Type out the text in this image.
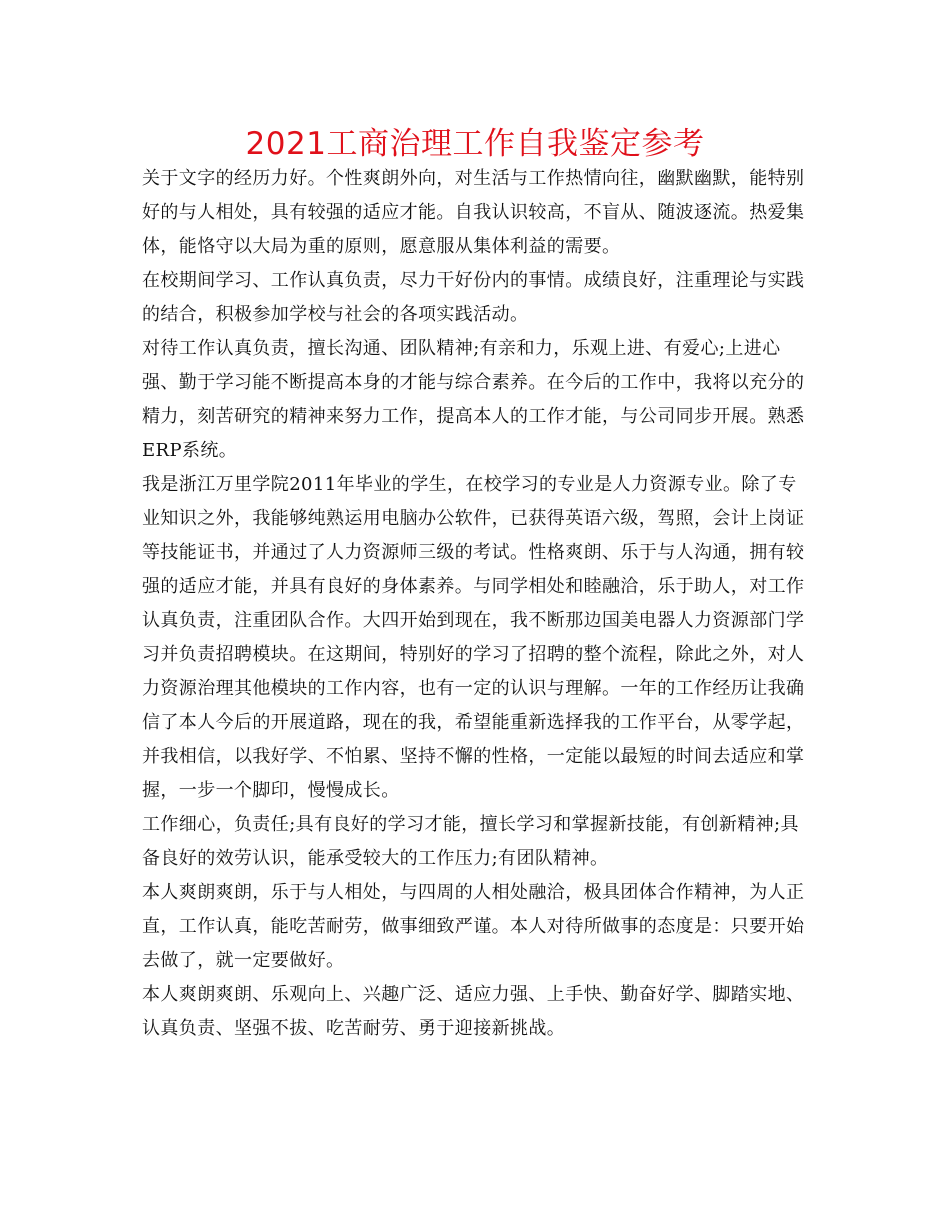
2021工商治理工作自我鉴定参考

关于文字的经历力好。个性爽朗外向，对生活与工作热情向往，幽默幽默，能特别好的与人相处，具有较强的适应才能。自我认识较高，不盲从、随波逐流。热爱集体，能恪守以大局为重的原则，愿意服从集体利益的需要。

在校期间学习、工作认真负责，尽力干好份内的事情。成绩良好，注重理论与实践的结合，积极参加学校与社会的各项实践活动。

对待工作认真负责，擅长沟通、团队精神;有亲和力，乐观上进、有爱心;上进心强、勤于学习能不断提高本身的才能与综合素养。在今后的工作中，我将以充分的精力，刻苦研究的精神来努力工作，提高本人的工作才能，与公司同步开展。熟悉ERP系统。

我是浙江万里学院2011年毕业的学生，在校学习的专业是人力资源专业。除了专业知识之外，我能够纯熟运用电脑办公软件，已获得英语六级，驾照，会计上岗证等技能证书，并通过了人力资源师三级的考试。性格爽朗、乐于与人沟通，拥有较强的适应才能，并具有良好的身体素养。与同学相处和睦融洽，乐于助人，对工作认真负责，注重团队合作。大四开始到现在，我不断那边国美电器人力资源部门学习并负责招聘模块。在这期间，特别好的学习了招聘的整个流程，除此之外，对人力资源治理其他模块的工作内容，也有一定的认识与理解。一年的工作经历让我确信了本人今后的开展道路，现在的我，希望能重新选择我的工作平台，从零学起，并我相信，以我好学、不怕累、坚持不懈的性格，一定能以最短的时间去适应和掌握，一步一个脚印，慢慢成长。

工作细心，负责任;具有良好的学习才能，擅长学习和掌握新技能，有创新精神;具备良好的效劳认识，能承受较大的工作压力;有团队精神。

本人爽朗爽朗，乐于与人相处，与四周的人相处融洽，极具团体合作精神，为人正直，工作认真，能吃苦耐劳，做事细致严谨。本人对待所做事的态度是：只要开始去做了，就一定要做好。

本人爽朗爽朗、乐观向上、兴趣广泛、适应力强、上手快、勤奋好学、脚踏实地、认真负责、坚强不拔、吃苦耐劳、勇于迎接新挑战。
